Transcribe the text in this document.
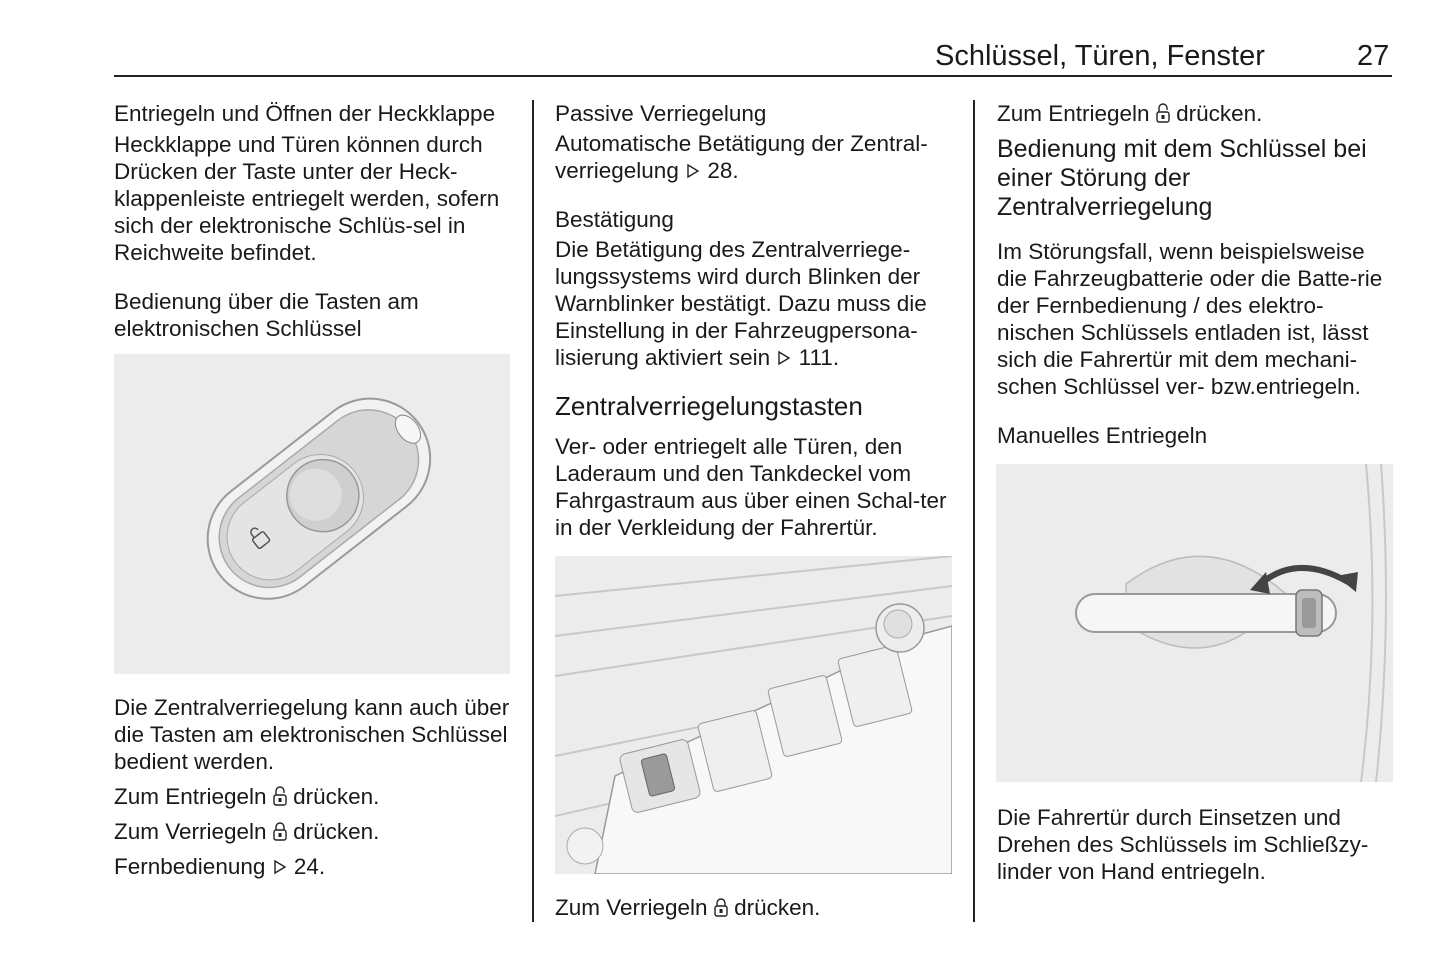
Schlüssel, Türen, Fenster	27

Entriegeln und Öffnen der Heckklappe

Heckklappe und Türen können durch Drücken der Taste unter der Heck-klappenleiste entriegelt werden, sofern sich der elektronische Schlüs-sel in Reichweite befindet.

Bedienung über die Tasten am elektronischen Schlüssel

Die Zentralverriegelung kann auch über die Tasten am elektronischen Schlüssel bedient werden.

Zum Entriegeln drücken.

Zum Verriegeln drücken.

Fernbedienung 24.

Passive Verriegelung

Automatische Betätigung der Zentral-verriegelung 28.

Bestätigung

Die Betätigung des Zentralverriege-lungssystems wird durch Blinken der Warnblinker bestätigt. Dazu muss die Einstellung in der Fahrzeugpersona-lisierung aktiviert sein 111.

Zentralverriegelungstasten

Ver- oder entriegelt alle Türen, den Laderaum und den Tankdeckel vom Fahrgastraum aus über einen Schal-ter in der Verkleidung der Fahrertür.

Zum Verriegeln drücken.

Zum Entriegeln drücken.

Bedienung mit dem Schlüssel bei einer Störung der Zentralverriegelung

Im Störungsfall, wenn beispielsweise die Fahrzeugbatterie oder die Batte-rie der Fernbedienung / des elektro-nischen Schlüssels entladen ist, lässt sich die Fahrertür mit dem mechani-schen Schlüssel ver- bzw.entriegeln.

Manuelles Entriegeln

Die Fahrertür durch Einsetzen und Drehen des Schlüssels im Schließzy-linder von Hand entriegeln.
